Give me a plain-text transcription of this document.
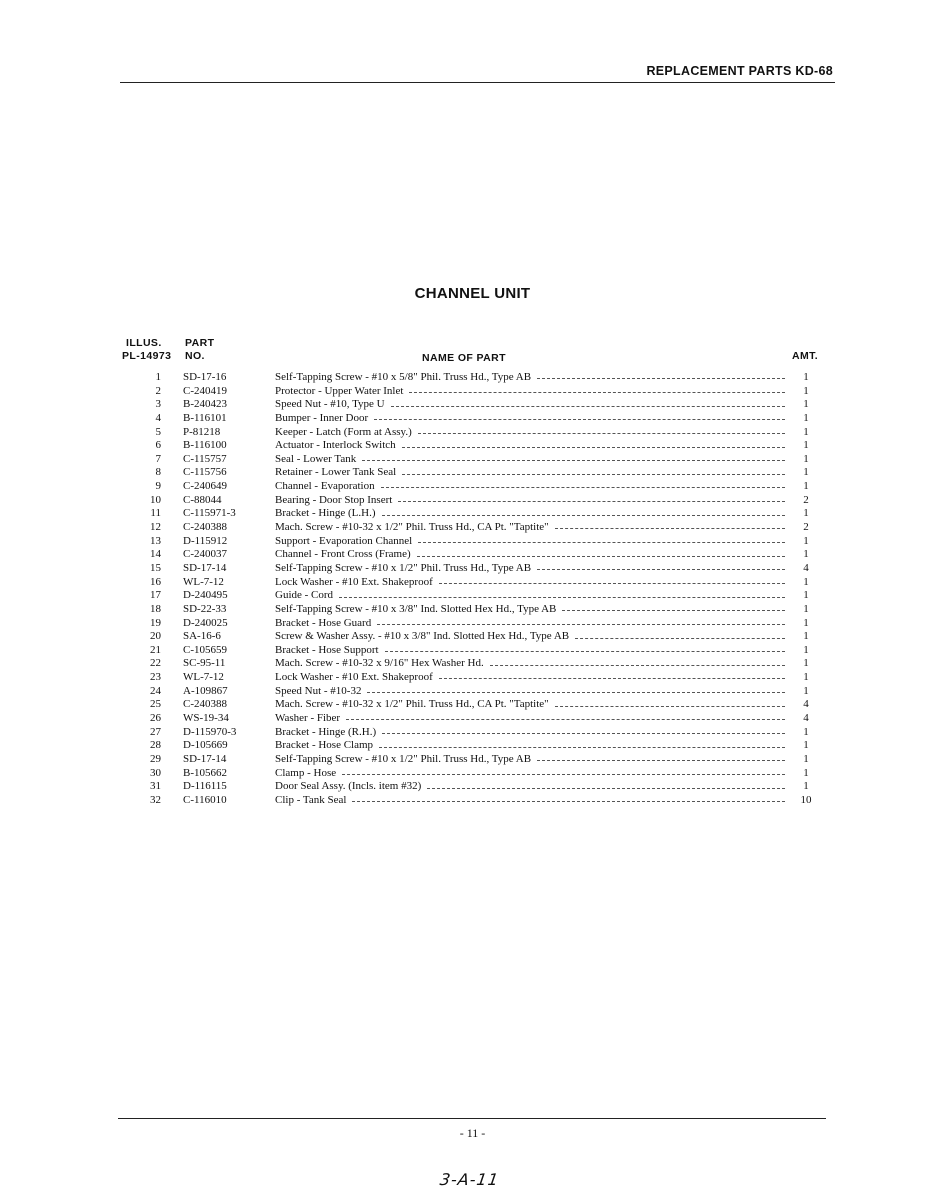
REPLACEMENT PARTS KD-68
CHANNEL UNIT
ILLUS.
PL-14973
PART
NO.	NAME OF PART	AMT.
1 SD-17-16	Self-Tapping Screw - #10 x 5/8" Phil. Truss Hd., Type AB	1
2 C-240419	Protector - Upper Water Inlet	1
3 B-240423	Speed Nut - #10, Type U	1
4 B-116101	Bumper - Inner Door	1
5 P-81218	Keeper - Latch (Form at Assy.)	1
6 B-116100	Actuator - Interlock Switch	1
7 C-115757	Seal - Lower Tank	1
8 C-115756	Retainer - Lower Tank Seal	1
9 C-240649	Channel - Evaporation	1
10 C-88044	Bearing - Door Stop Insert	2
11 C-115971-3	Bracket - Hinge (L.H.)	1
12 C-240388	Mach. Screw - #10-32 x 1/2" Phil. Truss Hd., CA Pt. "Taptite"	2
13 D-115912	Support - Evaporation Channel	1
14 C-240037	Channel - Front Cross (Frame)	1
15 SD-17-14	Self-Tapping Screw - #10 x 1/2" Phil. Truss Hd., Type AB	4
16 WL-7-12	Lock Washer - #10 Ext. Shakeproof	1
17 D-240495	Guide - Cord	1
18 SD-22-33	Self-Tapping Screw - #10 x 3/8" Ind. Slotted Hex Hd., Type AB	1
19 D-240025	Bracket - Hose Guard	1
20 SA-16-6	Screw & Washer Assy. - #10 x 3/8" Ind. Slotted Hex Hd., Type AB	1
21 C-105659	Bracket - Hose Support	1
22 SC-95-11	Mach. Screw - #10-32 x 9/16" Hex Washer Hd.	1
23 WL-7-12	Lock Washer - #10 Ext. Shakeproof	1
24 A-109867	Speed Nut - #10-32	1
25 C-240388	Mach. Screw - #10-32 x 1/2" Phil. Truss Hd., CA Pt. "Taptite"	4
26 WS-19-34	Washer - Fiber	4
27 D-115970-3	Bracket - Hinge (R.H.)	1
28 D-105669	Bracket - Hose Clamp	1
29 SD-17-14	Self-Tapping Screw - #10 x 1/2" Phil. Truss Hd., Type AB	1
30 B-105662	Clamp - Hose	1
31 D-116115	Door Seal Assy. (Incls. item #32)	1
32 C-116010	Clip - Tank Seal	10
- 11 -
3-A-11
